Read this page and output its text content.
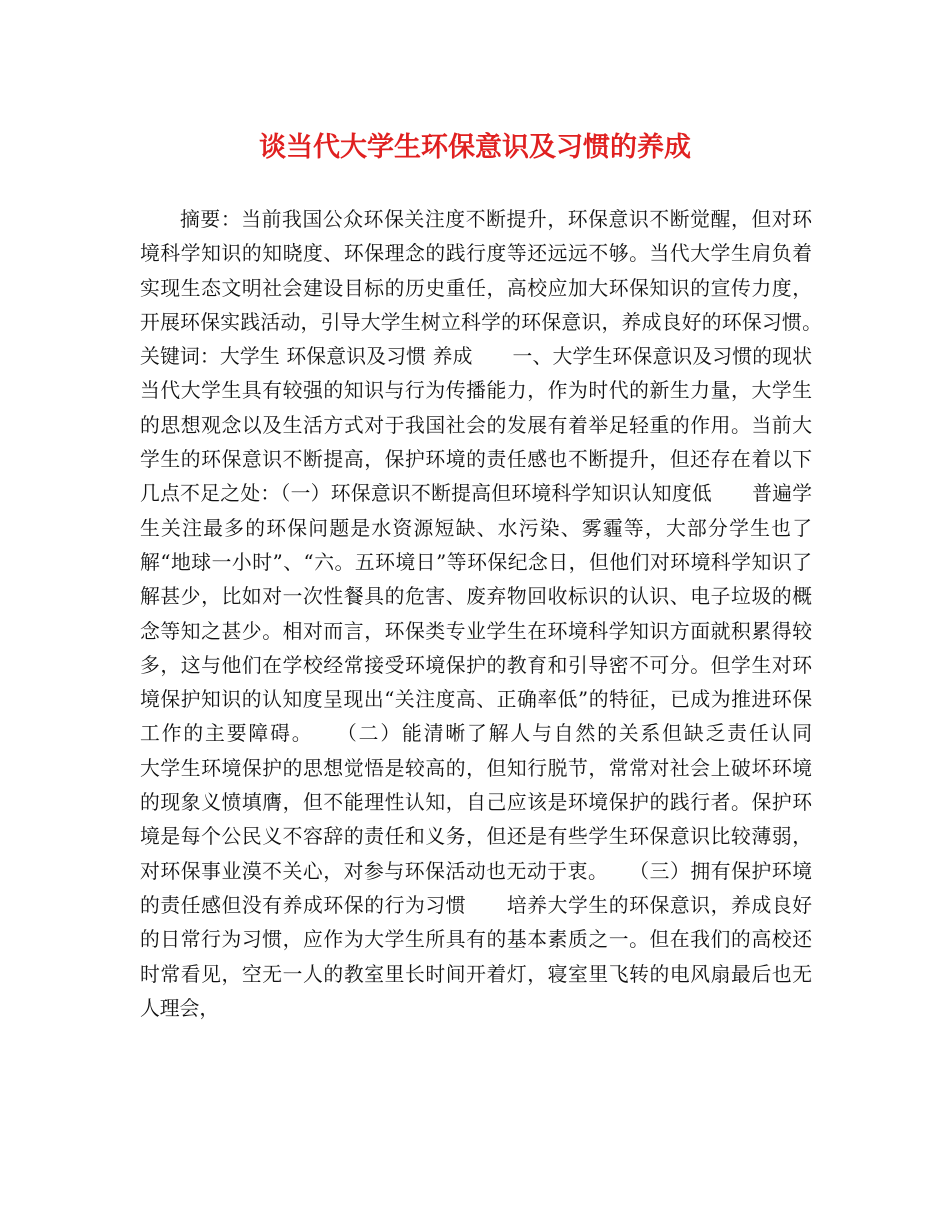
谈当代大学生环保意识及习惯的养成

摘要：当前我国公众环保关注度不断提升，环保意识不断觉醒，但对环境科学知识的知晓度、环保理念的践行度等还远远不够。当代大学生肩负着实现生态文明社会建设目标的历史重任，高校应加大环保知识的宣传力度，开展环保实践活动，引导大学生树立科学的环保意识，养成良好的环保习惯。　　关键词：大学生 环保意识及习惯 养成　　一、大学生环保意识及习惯的现状　　当代大学生具有较强的知识与行为传播能力，作为时代的新生力量，大学生的思想观念以及生活方式对于我国社会的发展有着举足轻重的作用。当前大学生的环保意识不断提高，保护环境的责任感也不断提升，但还存在着以下几点不足之处：（一）环保意识不断提高但环境科学知识认知度低　　普遍学生关注最多的环保问题是水资源短缺、水污染、雾霾等，大部分学生也了解“地球一小时”、“六。五环境日”等环保纪念日，但他们对环境科学知识了解甚少，比如对一次性餐具的危害、废弃物回收标识的认识、电子垃圾的概念等知之甚少。相对而言，环保类专业学生在环境科学知识方面就积累得较多，这与他们在学校经常接受环境保护的教育和引导密不可分。但学生对环境保护知识的认知度呈现出“关注度高、正确率低”的特征，已成为推进环保工作的主要障碍。　　（二）能清晰了解人与自然的关系但缺乏责任认同　　大学生环境保护的思想觉悟是较高的，但知行脱节，常常对社会上破坏环境的现象义愤填膺，但不能理性认知，自己应该是环境保护的践行者。保护环境是每个公民义不容辞的责任和义务，但还是有些学生环保意识比较薄弱，对环保事业漠不关心，对参与环保活动也无动于衷。　　（三）拥有保护环境的责任感但没有养成环保的行为习惯　　培养大学生的环保意识，养成良好的日常行为习惯，应作为大学生所具有的基本素质之一。但在我们的高校还时常看见，空无一人的教室里长时间开着灯，寝室里飞转的电风扇最后也无人理会，
